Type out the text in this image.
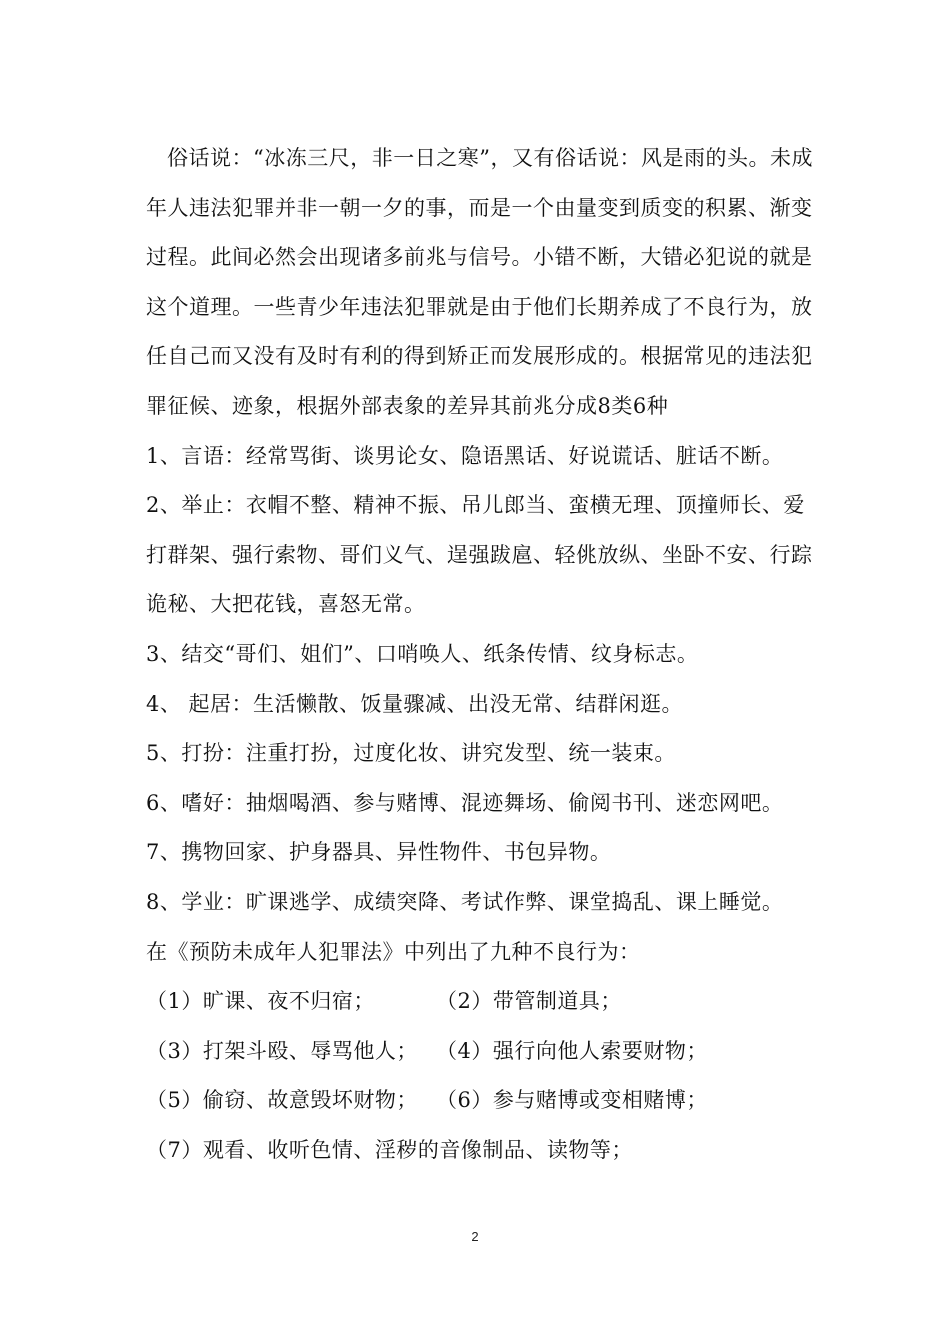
俗话说：“冰冻三尺，非一日之寒”，又有俗话说：风是雨的头。未成年人违法犯罪并非一朝一夕的事，而是一个由量变到质变的积累、渐变过程。此间必然会出现诸多前兆与信号。小错不断，大错必犯说的就是这个道理。一些青少年违法犯罪就是由于他们长期养成了不良行为，放任自己而又没有及时有利的得到矫正而发展形成的。根据常见的违法犯罪征候、迹象，根据外部表象的差异其前兆分成8类6种

1、言语：经常骂街、谈男论女、隐语黑话、好说谎话、脏话不断。

2、举止：衣帽不整、精神不振、吊儿郎当、蛮横无理、顶撞师长、爱打群架、强行索物、哥们义气、逞强跋扈、轻佻放纵、坐卧不安、行踪诡秘、大把花钱，喜怒无常。

3、结交“哥们、姐们”、口哨唤人、纸条传情、纹身标志。

4、 起居：生活懒散、饭量骤减、出没无常、结群闲逛。

5、打扮：注重打扮，过度化妆、讲究发型、统一装束。

6、嗜好：抽烟喝酒、参与赌博、混迹舞场、偷阅书刊、迷恋网吧。

7、携物回家、护身器具、异性物件、书包异物。

8、学业：旷课逃学、成绩突降、考试作弊、课堂捣乱、课上睡觉。

在《预防未成年人犯罪法》中列出了九种不良行为：

（1）旷课、夜不归宿；	（2）带管制道具；
（3）打架斗殴、辱骂他人； （4）强行向他人索要财物；
（5）偷窃、故意毁坏财物； （6）参与赌博或变相赌博；

（7）观看、收听色情、淫秽的音像制品、读物等；

2
